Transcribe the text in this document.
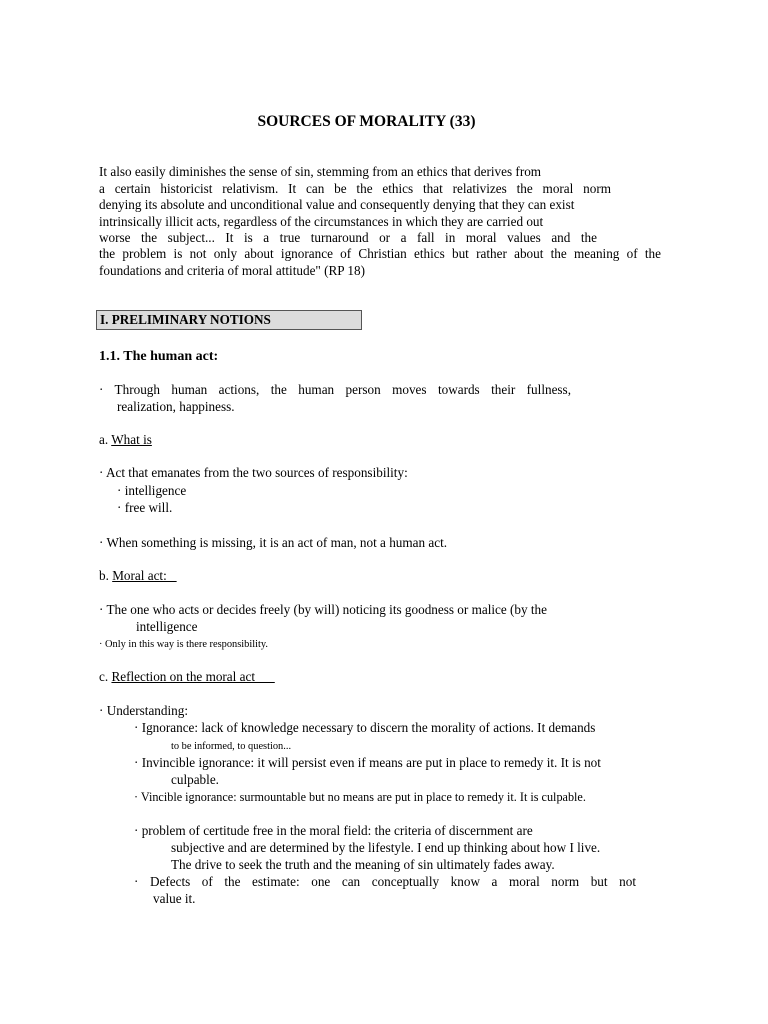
SOURCES OF MORALITY (33)
It also easily diminishes the sense of sin, stemming from an ethics that derives from
a certain historicist relativism. It can be the ethics that relativizes the moral norm
denying its absolute and unconditional value and consequently denying that they can exist
intrinsically illicit acts, regardless of the circumstances in which they are carried out
worse the subject... It is a true turnaround or a fall in moral values and the
the problem is not only about ignorance of Christian ethics but rather about the meaning of the
foundations and criteria of moral attitude" (RP 18)
I. PRELIMINARY NOTIONS
1.1. The human act:
· Through human actions, the human person moves towards their fullness,
realization, happiness.
a. What is
· Act that emanates from the two sources of responsibility:
· intelligence
· free will.
· When something is missing, it is an act of man, not a human act.
b. Moral act:
· The one who acts or decides freely (by will) noticing its goodness or malice (by the
intelligence
· Only in this way is there responsibility.
c. Reflection on the moral act
· Understanding:
· Ignorance: lack of knowledge necessary to discern the morality of actions. It demands
to be informed, to question...
· Invincible ignorance: it will persist even if means are put in place to remedy it. It is not
culpable.
· Vincible ignorance: surmountable but no means are put in place to remedy it. It is culpable.
· problem of certitude free in the moral field: the criteria of discernment are
subjective and are determined by the lifestyle. I end up thinking about how I live.
The drive to seek the truth and the meaning of sin ultimately fades away.
· Defects of the estimate: one can conceptually know a moral norm but not
value it.
